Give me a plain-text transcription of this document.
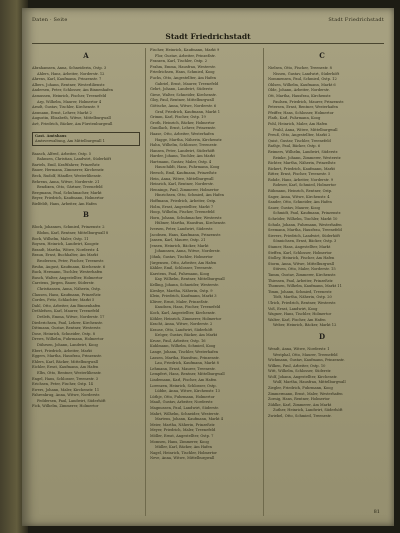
Daten · Seite	Stadt Friedrichstadt
Stadt Friedrichstadt
A
Abrahamsen, Anna, Schneiderin, Ostp. 3
Ahlers, Hans, Arbeiter, Norderstr. 12
Ahrens, Karl, Kaufmann, Prinzenstr. 7
Albers, Johann, Rentner, Westerlilienstr.
Andersen, Peter, Schlosser, Am Binnenhafen
Asmussen, Heinrich, Fischer, Treenefeld
Arp, Wilhelm, Maurer, Holmertor 4
Arndt, Gustav, Tischler, Kirchenstr. 9
Assmann, Ernst, Lehrer, Markt 2
Augustin, Elisabeth, Witwe, Mittelburgwall
Avé, Friedrich, Bäcker, Am Fürstenburgwall
Gast. Amtshaus
Amtsverwaltung, Am Mittelburgwall 1
Baasch, Alfred, Arbeiter, Ostp. 5
Bahnsen, Christian, Landwirt, Süderhöft
Bartels, Emil, Kraftfahrer, Prinzeßstr.
Bauer, Hermann, Zimmerer, Kirchenstr.
Beck, Rudolf, Händler, Westerlilienstr.
Behrens, Anna, Witwe, Norderstr. 21
Bendixen, Otto, Gärtner, Treenefeld
Bergmann, Paul, Schuhmacher, Markt
Beyer, Friedrich, Kaufmann, Holmertor
Bielfeldt, Hans, Arbeiter, Am Hafen
B
Block, Johannes, Schmied, Prinzenstr. 2
Blohm, Karl, Rentner, Mittelburgwall 8
Bock, Wilhelm, Maler, Ostp. 11
Boysen, Heinrich, Landwirt, Koogstr.
Brandt, Martha, Witwe, Norderstr. 4
Braun, Ernst, Buchhalter, Am Markt
Brodersen, Peter, Fischer, Treenestr.
Bruhn, August, Kaufmann, Kirchenstr. 6
Buck, Hermann, Tischler, Westerhafen
Busch, Walter, Angestellter, Holmertor
Carstens, Jürgen, Bauer, Süderstr.
Christiansen, Anna, Näherin, Ostp.
Clausen, Hans, Kaufmann, Prinzeßstr.
Cordes, Fritz, Schlachter, Markt 5
Dahl, Otto, Arbeiter, Am Binnenhafen
Dethlefsen, Karl, Maurer, Treenefeld
Detlefs, Emma, Witwe, Norderstr. 17
Diederichsen, Paul, Lehrer, Kirchenstr.
Dittmann, Gustav, Rentner, Westerstr.
Dose, Heinrich, Schneider, Ostp. 8
Drews, Wilhelm, Fuhrmann, Holmertor
Dührsen, Johann, Landwirt, Koog
Ebert, Friedrich, Arbeiter, Markt
Eggers, Martha, Hausfrau, Prinzenstr.
Ehlers, Karl, Bäcker, Mittelburgwall
Eichler, Ernst, Kaufmann, Am Hafen
Elbs, Otto, Rentner, Westerlilienstr.
Engel, Hans, Schlosser, Treenestr. 3
Erichsen, Peter, Fischer, Ostp. 14
Ewers, Johann, Maler, Kirchenstr. 11
Fahrenkrug, Anna, Witwe, Norderstr.
Feddersen, Paul, Landwirt, Süderhöft
Fick, Wilhelm, Zimmerer, Holmertor
Fischer, Heinrich, Kaufmann, Markt 9
Flor, Gustav, Arbeiter, Prinzeßstr.
Franzen, Karl, Tischler, Ostp. 2
Frahm, Emma, Hausfrau, Westerstr.
Friedrichsen, Hans, Schmied, Koog
Fuchs, Otto, Angestellter, Am Hafen
Gabriel, Ernst, Maurer, Treenefeld
Gehrt, Johann, Landwirt, Süderstr.
Giese, Walter, Schneider, Kirchenstr.
Gloy, Paul, Rentner, Mittelburgwall
Göttsche, Anna, Witwe, Norderstr. 6
Graf, Friedrich, Kaufmann, Markt 1
Grimm, Karl, Fischer, Ostp. 19
Groth, Heinrich, Bäcker, Holmertor
Gundlach, Ernst, Lehrer, Prinzenstr.
Haase, Otto, Arbeiter, Westerhafen
Hagge, Martha, Näherin, Kirchenstr.
Hahn, Wilhelm, Schlosser, Treenestr.
Hansen, Peter, Landwirt, Süderhöft
Harder, Johann, Tischler, Am Markt
Hartmann, Gustav, Maler, Ostp. 4
Hauschildt, Hans, Fuhrmann, Koog
Heesch, Emil, Kaufmann, Prinzeßstr.
Hein, Anna, Witwe, Mittelburgwall
Heinrich, Karl, Rentner, Norderstr.
Hennings, Paul, Zimmerer, Holmertor
Hinrichsen, Otto, Schmied, Am Hafen
Hoffmann, Friedrich, Arbeiter, Ostp.
Holm, Ernst, Angestellter, Markt 7
Hoop, Wilhelm, Fischer, Treenefeld
Horn, Johann, Schuhmacher, Westerstr.
Hübner, Martha, Hausfrau, Kirchenstr.
Iversen, Peter, Landwirt, Süderstr.
Jacobsen, Hans, Kaufmann, Prinzenstr.
Jansen, Karl, Maurer, Ostp. 21
Jensen, Heinrich, Bäcker, Markt
Johannsen, Anna, Witwe, Norderstr.
Jöhnk, Gustav, Tischler, Holmertor
Jürgensen, Otto, Arbeiter, Am Hafen
Kähler, Emil, Schlosser, Treenestr.
Karstens, Paul, Fuhrmann, Koog
Kay, Wilhelm, Rentner, Mittelburgwall
Kelling, Johann, Schneider, Westerstr.
Kiesbye, Martha, Näherin, Ostp. 9
Klein, Friedrich, Kaufmann, Markt 3
Klüver, Ernst, Maler, Prinzeßstr.
Knudsen, Hans, Fischer, Treenefeld
Koch, Karl, Angestellter, Kirchenstr.
Köhler, Heinrich, Zimmerer, Holmertor
Kracht, Anna, Witwe, Norderstr. 2
Krause, Otto, Landwirt, Süderhöft
Kröger, Gustav, Bäcker, Am Markt
Kruse, Paul, Arbeiter, Ostp. 16
Kuhlmann, Wilhelm, Schmied, Koog
Lange, Johann, Tischler, Westerhafen
Lassen, Martha, Hausfrau, Prinzenstr.
Lau, Friedrich, Kaufmann, Markt 8
Lehmann, Ernst, Maurer, Treenestr.
Lempfert, Hans, Rentner, Mittelburgwall
Lindemann, Karl, Fischer, Am Hafen
Lorenzen, Heinrich, Schlosser, Ostp.
Lübbe, Anna, Witwe, Kirchenstr. 13
Lüthje, Otto, Fuhrmann, Holmertor
Maaß, Gustav, Arbeiter, Norderstr.
Magnussen, Paul, Landwirt, Süderstr.
Mahrt, Wilhelm, Schneider, Westerstr.
Martens, Johann, Kaufmann, Markt 4
Meier, Martha, Näherin, Prinzeßstr.
Meyer, Friedrich, Maler, Treenefeld
Möller, Ernst, Angestellter, Ostp. 7
Momsen, Hans, Zimmerer, Koog
Müller, Karl, Bäcker, Am Hafen
Nagel, Heinrich, Tischler, Holmertor
Neve, Anna, Witwe, Mittelburgwall
C
Nielsen, Otto, Fischer, Treenestr. 8
Nissen, Gustav, Landwirt, Süderhöft
Nommensen, Paul, Schmied, Ostp. 12
Ohlsen, Wilhelm, Kaufmann, Markt 6
Olde, Johann, Arbeiter, Norderstr.
Ott, Martha, Hausfrau, Kirchenstr.
Paulsen, Friedrich, Maurer, Prinzenstr.
Petersen, Ernst, Rentner, Westerhafen
Pfeiffer, Hans, Schlosser, Holmertor
Plath, Karl, Fuhrmann, Koog
Pohl, Heinrich, Maler, Am Hafen
Prahl, Anna, Witwe, Mittelburgwall
Preuß, Otto, Angestellter, Markt 2
Quist, Gustav, Tischler, Treenefeld
Rathje, Paul, Bäcker, Ostp. 6
Reimers, Wilhelm, Landwirt, Süderstr.
Reinke, Johann, Zimmerer, Westerstr.
Richter, Martha, Näherin, Prinzeßstr.
Rickert, Friedrich, Kaufmann, Markt
Ritter, Ernst, Fischer, Treenestr. 5
Rohde, Hans, Arbeiter, Norderstr. 9
Rohwer, Karl, Schmied, Holmertor
Rühmann, Heinrich, Rentner, Ostp.
Sager, Anna, Witwe, Kirchenstr. 4
Sander, Otto, Schneider, Am Hafen
Sauer, Gustav, Maurer, Koog
Schmidt, Paul, Kaufmann, Prinzenstr.
Schröder, Wilhelm, Tischler, Markt 10
Schulz, Johann, Fuhrmann, Westerhafen
Seemann, Martha, Hausfrau, Treenefeld
Sievers, Friedrich, Landwirt, Süderhöft
Sönnichsen, Ernst, Bäcker, Ostp. 3
Stamer, Hans, Angestellter, Markt
Steffen, Karl, Schlosser, Holmertor
Stolley, Heinrich, Fischer, Am Hafen
Storm, Anna, Witwe, Mittelburgwall
Stüven, Otto, Maler, Norderstr. 15
Tamm, Gustav, Zimmerer, Kirchenstr.
Thiessen, Paul, Arbeiter, Prinzeßstr.
Thomsen, Wilhelm, Kaufmann, Markt 11
Timm, Johann, Schmied, Treenestr.
Tödt, Martha, Näherin, Ostp. 20
Ulrich, Friedrich, Rentner, Westerstr.
Voß, Ernst, Landwirt, Koog
Wagner, Hans, Tischler, Holmertor
Walter, Karl, Fischer, Am Hafen
Weber, Heinrich, Bäcker, Markt 12
D
Wendt, Anna, Witwe, Norderstr. 1
Westphal, Otto, Maurer, Treenefeld
Wichmann, Gustav, Kaufmann, Prinzenstr.
Wilken, Paul, Arbeiter, Ostp. 10
Witt, Wilhelm, Schlosser, Süderstr.
Wolf, Johann, Angestellter, Kirchenstr.
Wulf, Martha, Hausfrau, Mittelburgwall
Ziegler, Friedrich, Fuhrmann, Koog
Zimmermann, Ernst, Maler, Westerhafen
Zornig, Hans, Rentner, Holmertor
Zühlke, Karl, Zimmerer, Am Markt
Zuther, Heinrich, Landwirt, Süderhöft
Zwiebel, Otto, Schmied, Treenestr.
81
